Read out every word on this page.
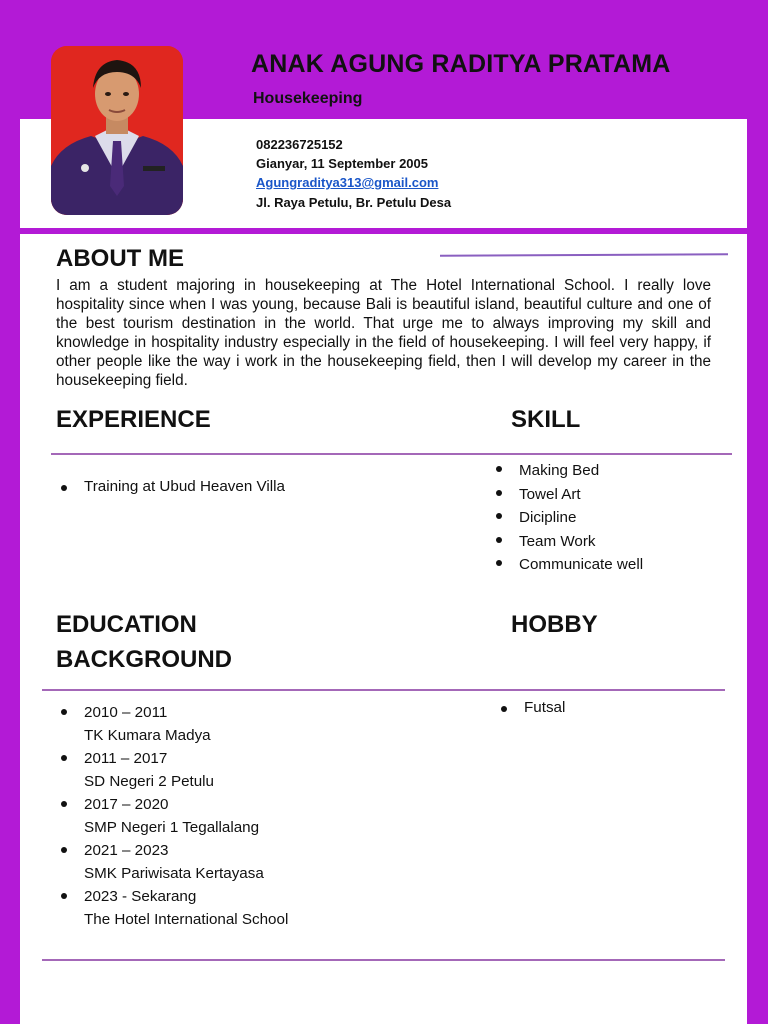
ANAK AGUNG RADITYA PRATAMA
Housekeeping
082236725152
Gianyar, 11 September 2005
Agungraditya313@gmail.com
Jl. Raya Petulu, Br. Petulu Desa
ABOUT ME
I am a student majoring in housekeeping at The Hotel International School. I really love hospitality since when I was young, because Bali is beautiful island, beautiful culture and one of the best tourism destination in the world. That urge me to always improving my skill and knowledge in hospitality industry especially in the field of housekeeping. I will feel very happy, if other people like the way i work in the housekeeping field, then I will develop my career in the housekeeping field.
EXPERIENCE	SKILL
Training at Ubud Heaven Villa
Making Bed
Towel Art
Dicipline
Team Work
Communicate well
EDUCATION
BACKGROUND
HOBBY
2010 – 2011
TK Kumara Madya
2011 – 2017
SD Negeri 2 Petulu
2017 – 2020
SMP Negeri 1 Tegallalang
2021 – 2023
SMK Pariwisata Kertayasa
2023 - Sekarang
The Hotel International School
Futsal
